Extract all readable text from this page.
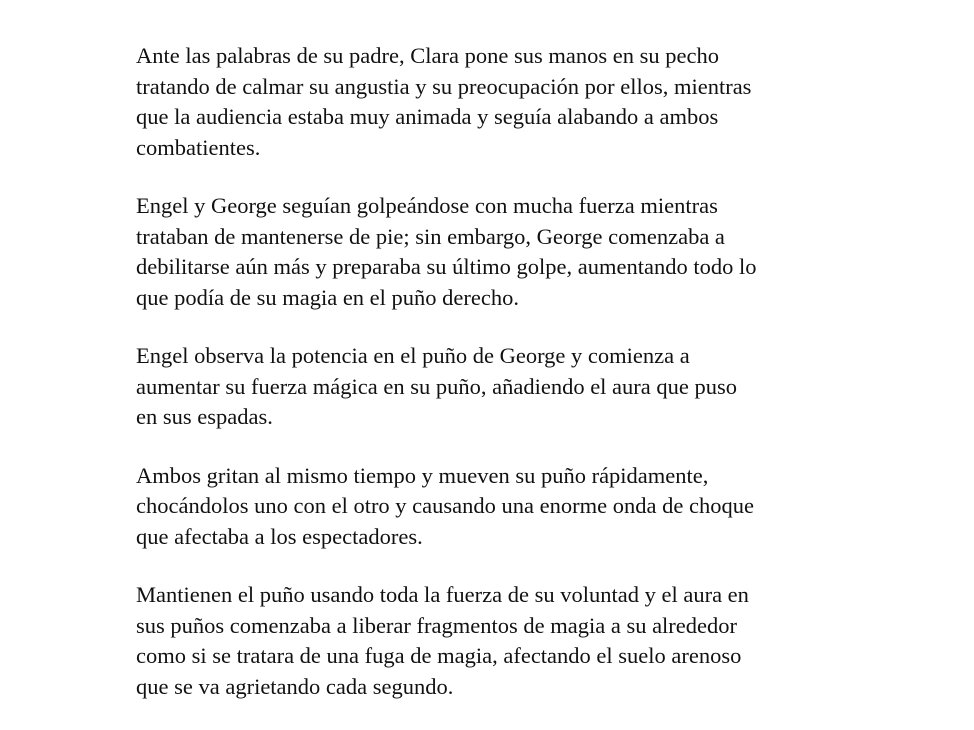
Ante las palabras de su padre, Clara pone sus manos en su pecho
tratando de calmar su angustia y su preocupación por ellos, mientras
que la audiencia estaba muy animada y seguía alabando a ambos
combatientes.

Engel y George seguían golpeándose con mucha fuerza mientras
trataban de mantenerse de pie; sin embargo, George comenzaba a
debilitarse aún más y preparaba su último golpe, aumentando todo lo
que podía de su magia en el puño derecho.

Engel observa la potencia en el puño de George y comienza a
aumentar su fuerza mágica en su puño, añadiendo el aura que puso
en sus espadas.

Ambos gritan al mismo tiempo y mueven su puño rápidamente,
chocándolos uno con el otro y causando una enorme onda de choque
que afectaba a los espectadores.

Mantienen el puño usando toda la fuerza de su voluntad y el aura en
sus puños comenzaba a liberar fragmentos de magia a su alrededor
como si se tratara de una fuga de magia, afectando el suelo arenoso
que se va agrietando cada segundo.
